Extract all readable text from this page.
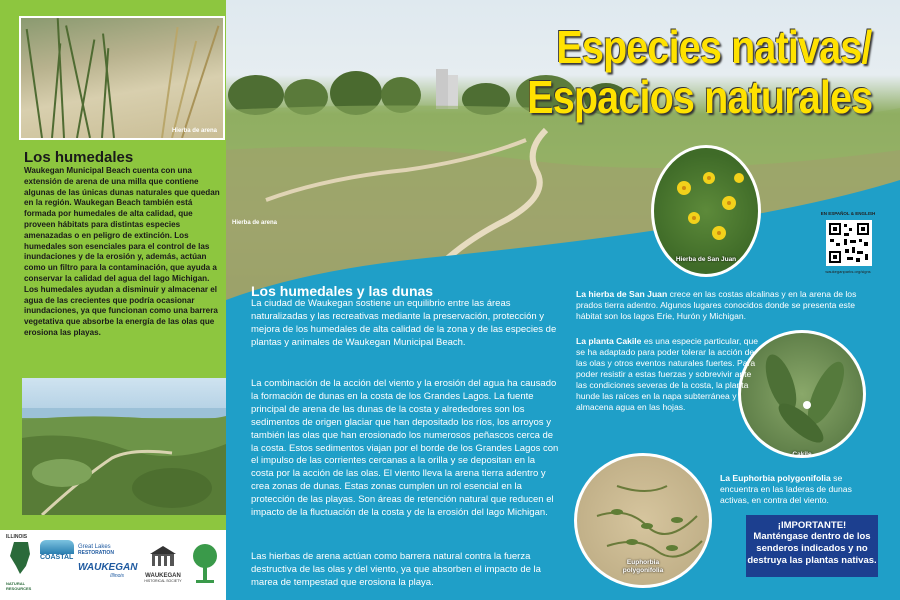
Hierba de arena
Los humedales
Waukegan Municipal Beach cuenta con una extensión de arena de una milla que contiene algunas de las únicas dunas naturales que quedan en la región. Waukegan Beach también está formada por humedales de alta calidad, que proveen hábitats para distintas especies amenazadas o en peligro de extinción. Los humedales son esenciales para el control de las inundaciones y de la erosión y, además, actúan como un filtro para la contaminación, que ayuda a conservar la calidad del agua del lago Michigan. Los humedales ayudan a disminuir y almacenar el agua de las crecientes que podría ocasionar inundaciones, ya que funcionan como una barrera vegetativa que absorbe la energía de las olas que erosiona las playas.
ILLINOIS
NATURAL RESOURCES
COASTAL
Great Lakes
RESTORATION
WAUKEGAN
Illinois	WAUKEGAN
HISTORICAL SOCIETY
Hierba de arena
Especies nativas/
Espacios naturales
EN ESPAÑOL & ENGLISH
waukeganparks.org/signs
Hierba de San Juan
Cakile
Euphorbia
polygonifolia
Los humedales y las dunas
La ciudad de Waukegan sostiene un equilibrio entre las áreas naturalizadas y las recreativas mediante la preservación, protección y mejora de los humedales de alta calidad de la zona y de las especies de plantas y animales de Waukegan Municipal Beach.
La combinación de la acción del viento y la erosión del agua ha causado la formación de dunas en la costa de los Grandes Lagos. La fuente principal de arena de las dunas de la costa y alrededores son los sedimentos de origen glaciar que han depositado los ríos, los arroyos y también las olas que han erosionado los numerosos peñascos cerca de la costa. Estos sedimentos viajan por el borde de los Grandes Lagos con el impulso de las corrientes cercanas a la orilla y se depositan en la costa por la acción de las olas. El viento lleva la arena tierra adentro y crea zonas de dunas. Estas zonas cumplen un rol esencial en la protección de las playas. Son áreas de retención natural que reducen el impacto de la fluctuación de la costa y de la erosión del lago Michigan.
Las hierbas de arena actúan como barrera natural contra la fuerza destructiva de las olas y del viento, ya que absorben el impacto de la marea de tempestad que erosiona la playa.
La hierba de San Juan crece en las costas alcalinas y en la arena de los prados tierra adentro. Algunos lugares conocidos donde se presenta este hábitat son los lagos Erie, Hurón y Michigan.
La planta Cakile es una especie particular, que se ha adaptado para poder tolerar la acción de las olas y otros eventos naturales fuertes. Para poder resistir a estas fuerzas y sobrevivir ante las condiciones severas de la costa, la planta hunde las raíces en la napa subterránea y almacena agua en las hojas.
La Euphorbia polygonifolia se encuentra en las laderas de dunas activas, en contra del viento.
¡IMPORTANTE!
Manténgase dentro de los senderos indicados y no destruya las plantas nativas.
